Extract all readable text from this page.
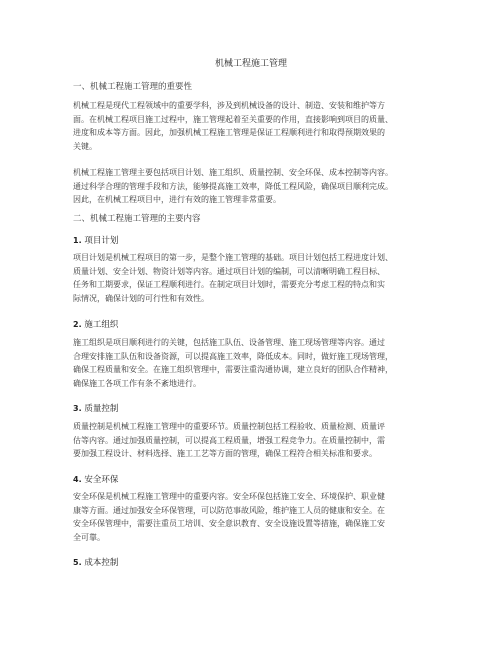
机械工程施工管理
一、机械工程施工管理的重要性
机械工程是现代工程领域中的重要学科，涉及到机械设备的设计、制造、安装和维护等方
面。在机械工程项目施工过程中，施工管理起着至关重要的作用，直接影响到项目的质量、
进度和成本等方面。因此，加强机械工程施工管理是保证工程顺利进行和取得预期效果的
关键。
机械工程施工管理主要包括项目计划、施工组织、质量控制、安全环保、成本控制等内容。
通过科学合理的管理手段和方法，能够提高施工效率，降低工程风险，确保项目顺利完成。
因此，在机械工程项目中，进行有效的施工管理非常重要。
二、机械工程施工管理的主要内容
1. 项目计划
项目计划是机械工程项目的第一步，是整个施工管理的基础。项目计划包括工程进度计划、
质量计划、安全计划、物资计划等内容。通过项目计划的编制，可以清晰明确工程目标、
任务和工期要求，保证工程顺利进行。在制定项目计划时，需要充分考虑工程的特点和实
际情况，确保计划的可行性和有效性。
2. 施工组织
施工组织是项目顺利进行的关键，包括施工队伍、设备管理、施工现场管理等内容。通过
合理安排施工队伍和设备资源，可以提高施工效率，降低成本。同时，做好施工现场管理，
确保工程质量和安全。在施工组织管理中，需要注重沟通协调，建立良好的团队合作精神，
确保施工各项工作有条不紊地进行。
3. 质量控制
质量控制是机械工程施工管理中的重要环节。质量控制包括工程验收、质量检测、质量评
估等内容。通过加强质量控制，可以提高工程质量，增强工程竞争力。在质量控制中，需
要加强工程设计、材料选择、施工工艺等方面的管理，确保工程符合相关标准和要求。
4. 安全环保
安全环保是机械工程施工管理中的重要内容。安全环保包括施工安全、环境保护、职业健
康等方面。通过加强安全环保管理，可以防范事故风险，维护施工人员的健康和安全。在
安全环保管理中，需要注重员工培训、安全意识教育、安全设施设置等措施，确保施工安
全可靠。
5. 成本控制
